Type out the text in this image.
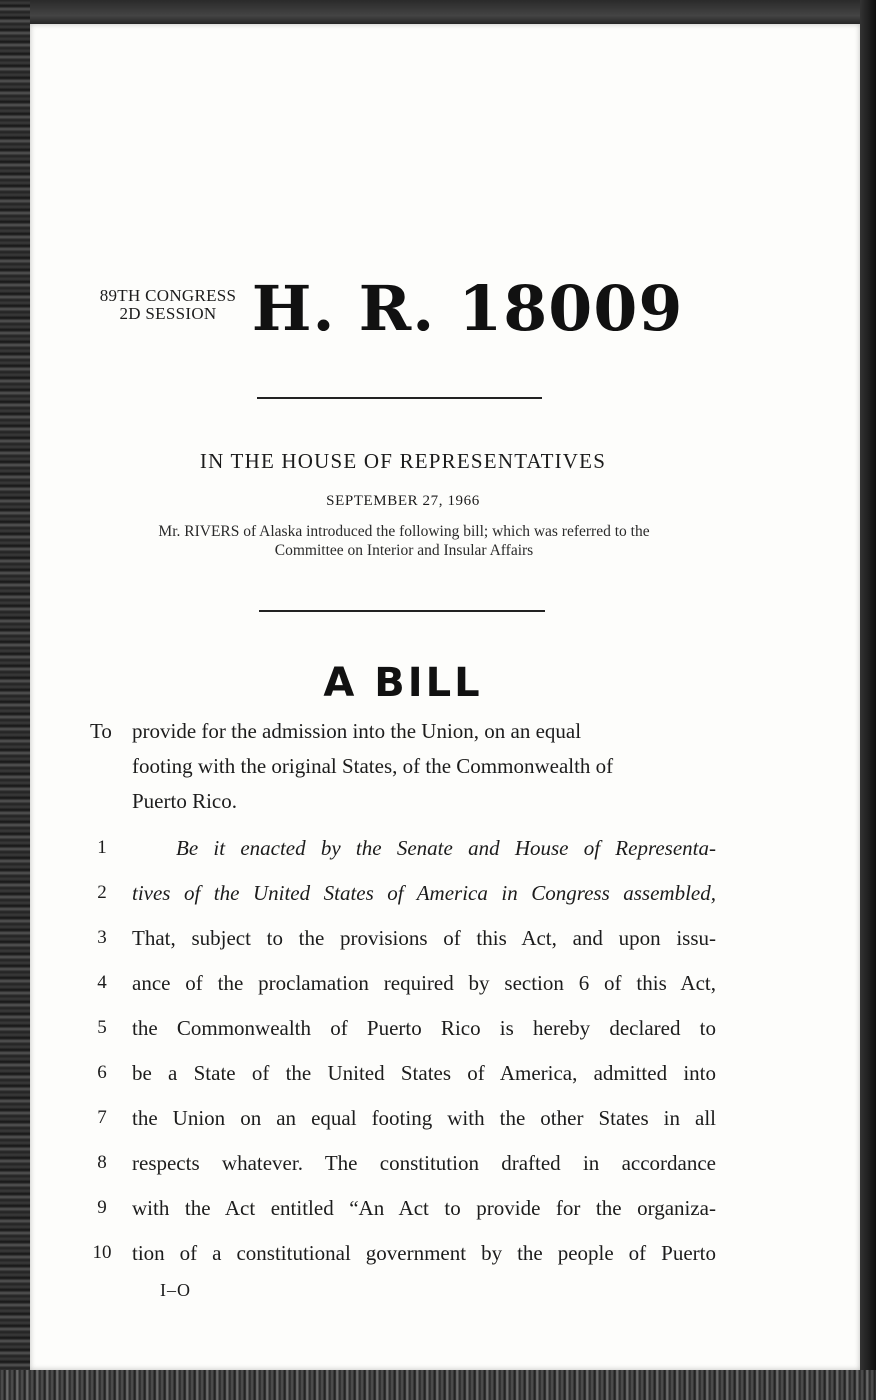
89TH CONGRESS
2D SESSION H. R. 18009
IN THE HOUSE OF REPRESENTATIVES
SEPTEMBER 27, 1966
Mr. RIVERS of Alaska introduced the following bill; which was referred to the
Committee on Interior and Insular Affairs
A BILL
To provide for the admission into the Union, on an equal
footing with the original States, of the Commonwealth of
Puerto Rico.
1	Be it enacted by the Senate and House of Representa-
2	tives of the United States of America in Congress assembled,
3	That, subject to the provisions of this Act, and upon issu-
4	ance of the proclamation required by section 6 of this Act,
5	the Commonwealth of Puerto Rico is hereby declared to
6	be a State of the United States of America, admitted into
7	the Union on an equal footing with the other States in all
8	respects whatever. The constitution drafted in accordance
9	with the Act entitled “An Act to provide for the organiza-
10 tion of a constitutional government by the people of Puerto
I–O
